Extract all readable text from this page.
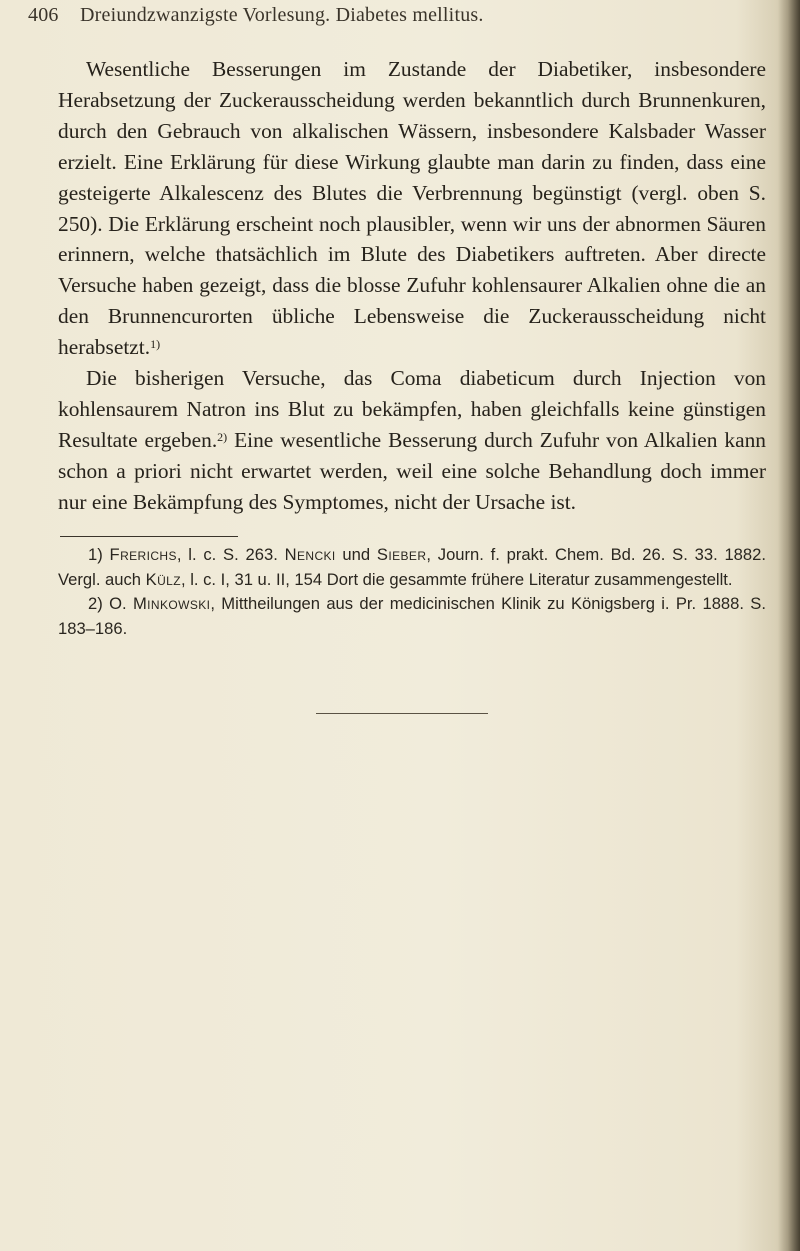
406 Dreiundzwanzigste Vorlesung. Diabetes mellitus.

Wesentliche Besserungen im Zustande der Diabetiker, insbesondere Herabsetzung der Zuckerausscheidung werden bekanntlich durch Brunnenkuren, durch den Gebrauch von alkalischen Wässern, insbesondere Kalsbader Wasser erzielt. Eine Erklärung für diese Wirkung glaubte man darin zu finden, dass eine gesteigerte Alkalescenz des Blutes die Verbrennung begünstigt (vergl. oben S. 250). Die Erklärung erscheint noch plausibler, wenn wir uns der abnormen Säuren erinnern, welche thatsächlich im Blute des Diabetikers auftreten. Aber directe Versuche haben gezeigt, dass die blosse Zufuhr kohlensaurer Alkalien ohne die an den Brunnencurorten übliche Lebensweise die Zuckerausscheidung nicht herabsetzt.$^{1)}$

Die bisherigen Versuche, das Coma diabeticum durch Injection von kohlensaurem Natron ins Blut zu bekämpfen, haben gleichfalls keine günstigen Resultate ergeben.$^{2)}$ Eine wesentliche Besserung durch Zufuhr von Alkalien kann schon a priori nicht erwartet werden, weil eine solche Behandlung doch immer nur eine Bekämpfung des Symptomes, nicht der Ursache ist.

1) Frerichs, l. c. S. 263. Nencki und Sieber, Journ. f. prakt. Chem. Bd. 26. S. 33. 1882. Vergl. auch Külz, l. c. I, 31 u. II, 154 Dort die gesammte frühere Literatur zusammengestellt.

2) O. Minkowski, Mittheilungen aus der medicinischen Klinik zu Königsberg i. Pr. 1888. S. 183–186.
